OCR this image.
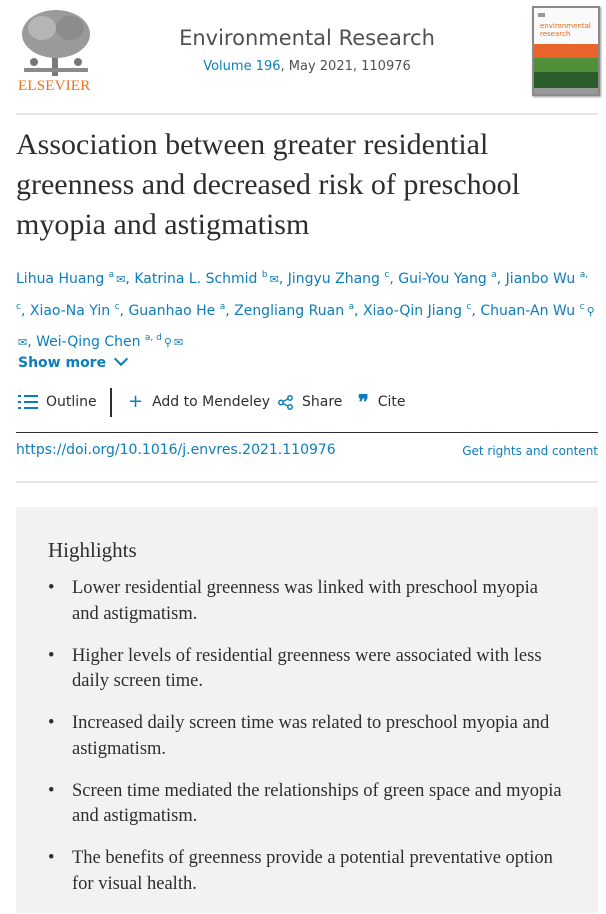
ELSEVIER
Environmental Research
Volume 196, May 2021, 110976
environmental
research
Association between greater residential greenness and decreased risk of preschool myopia and astigmatism
Lihua Huang $^a$ ✉, Katrina L. Schmid $^b$ ✉, Jingyu Zhang $^c$, Gui-You Yang $^a$, Jianbo Wu $^{a, c}$, Xiao-Na Yin $^c$, Guanhao He $^a$, Zengliang Ruan $^a$, Xiao-Qin Jiang $^c$, Chuan-An Wu $^c$ ⚲✉, Wei-Qing Chen $^{a, d}$ ⚲ ✉
Show more
Outline + Add to Mendeley Share ❞ Cite
https://doi.org/10.1016/j.envres.2021.110976	Get rights and content
Highlights
• Lower residential greenness was linked with preschool myopia and astigmatism.
• Higher levels of residential greenness were associated with less daily screen time.
• Increased daily screen time was related to preschool myopia and astigmatism.
• Screen time mediated the relationships of green space and myopia and astigmatism.
• The benefits of greenness provide a potential preventative option for visual health.
